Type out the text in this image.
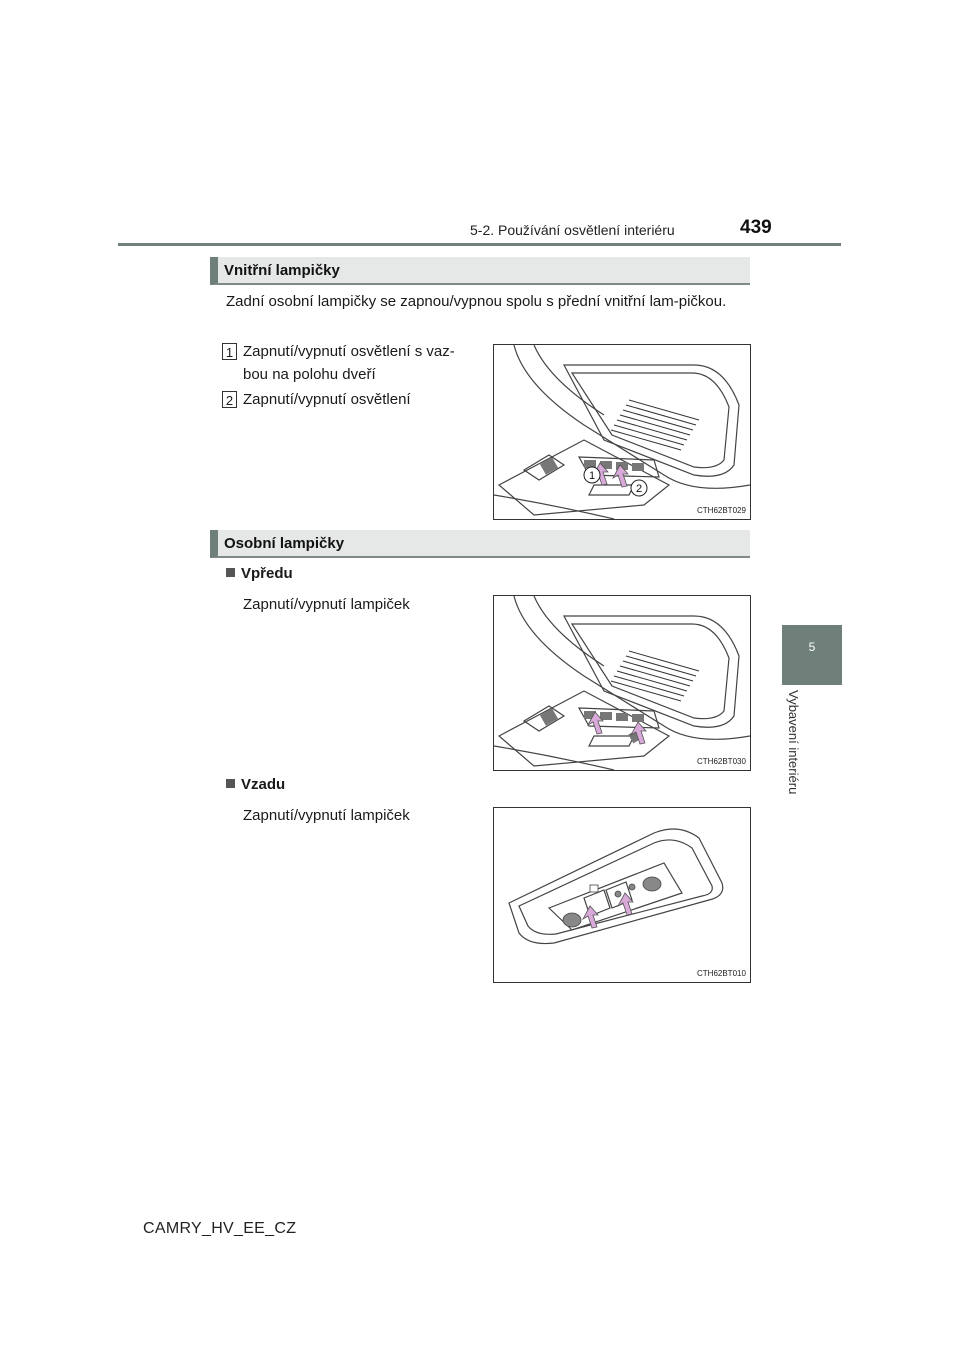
5-2. Používání osvětlení interiéru	439
5
Vybavení interiéru
Vnitřní lampičky
Zadní osobní lampičky se zapnou/vypnou spolu s přední vnitřní lam-pičkou.
1 Zapnutí/vypnutí osvětlení s vaz-bou na polohu dveří
2 Zapnutí/vypnutí osvětlení
1
2
CTH62BT029
Osobní lampičky
Vpředu
Zapnutí/vypnutí lampiček
CTH62BT030
Vzadu
Zapnutí/vypnutí lampiček
CTH62BT010
CAMRY_HV_EE_CZ
